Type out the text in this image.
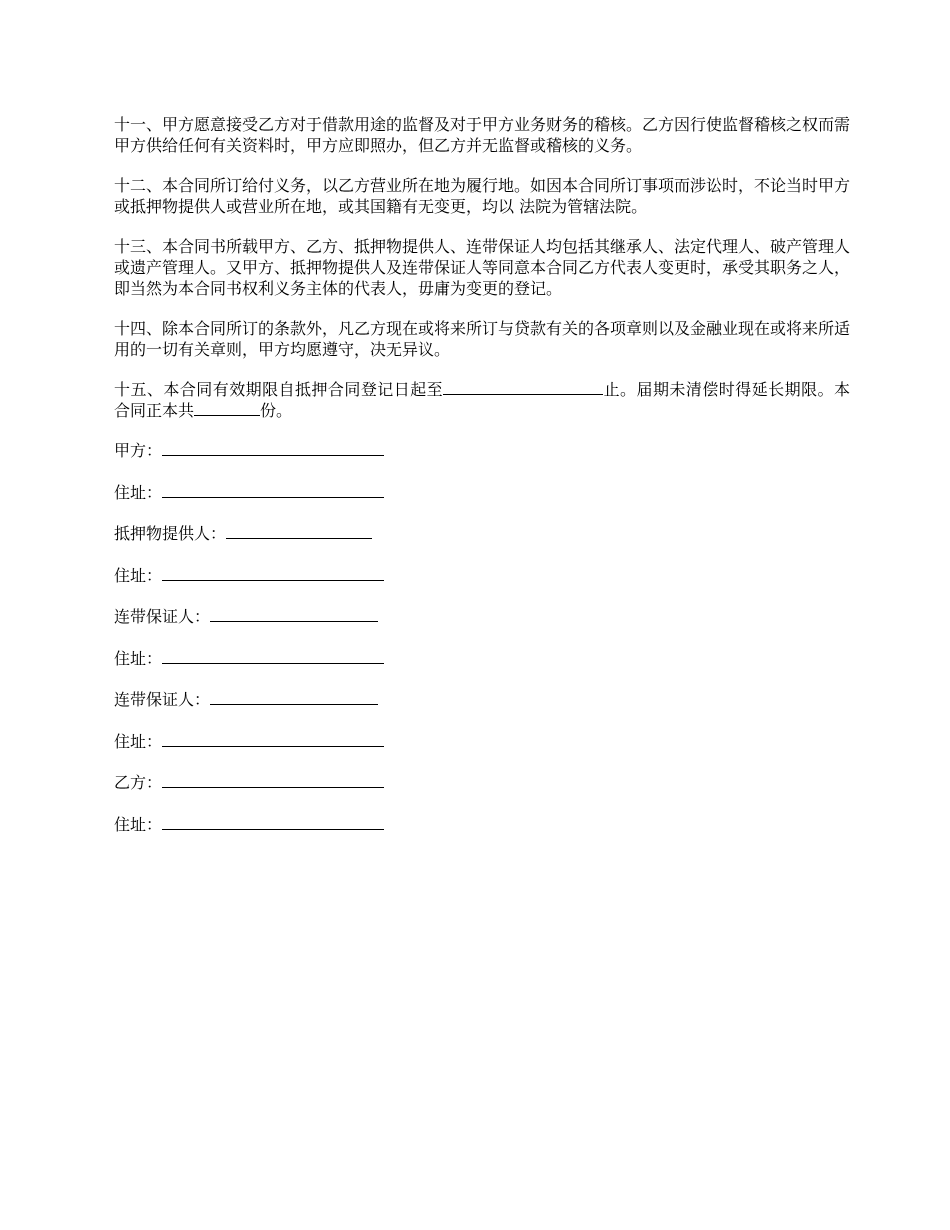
十一、甲方愿意接受乙方对于借款用途的监督及对于甲方业务财务的稽核。乙方因行使监督稽核之权而需甲方供给任何有关资料时，甲方应即照办，但乙方并无监督或稽核的义务。

十二、本合同所订给付义务，以乙方营业所在地为履行地。如因本合同所订事项而涉讼时，不论当时甲方或抵押物提供人或营业所在地，或其国籍有无变更，均以 法院为管辖法院。

十三、本合同书所载甲方、乙方、抵押物提供人、连带保证人均包括其继承人、法定代理人、破产管理人或遗产管理人。又甲方、抵押物提供人及连带保证人等同意本合同乙方代表人变更时，承受其职务之人，即当然为本合同书权利义务主体的代表人，毋庸为变更的登记。

十四、除本合同所订的条款外，凡乙方现在或将来所订与贷款有关的各项章则以及金融业现在或将来所适用的一切有关章则，甲方均愿遵守，决无异议。

十五、本合同有效期限自抵押合同登记日起至	止。届期未清偿时得延长期限。本合同正本共	份。

甲方：
住址：
抵押物提供人：
住址：
连带保证人：
住址：
连带保证人：
住址：
乙方：
住址：
